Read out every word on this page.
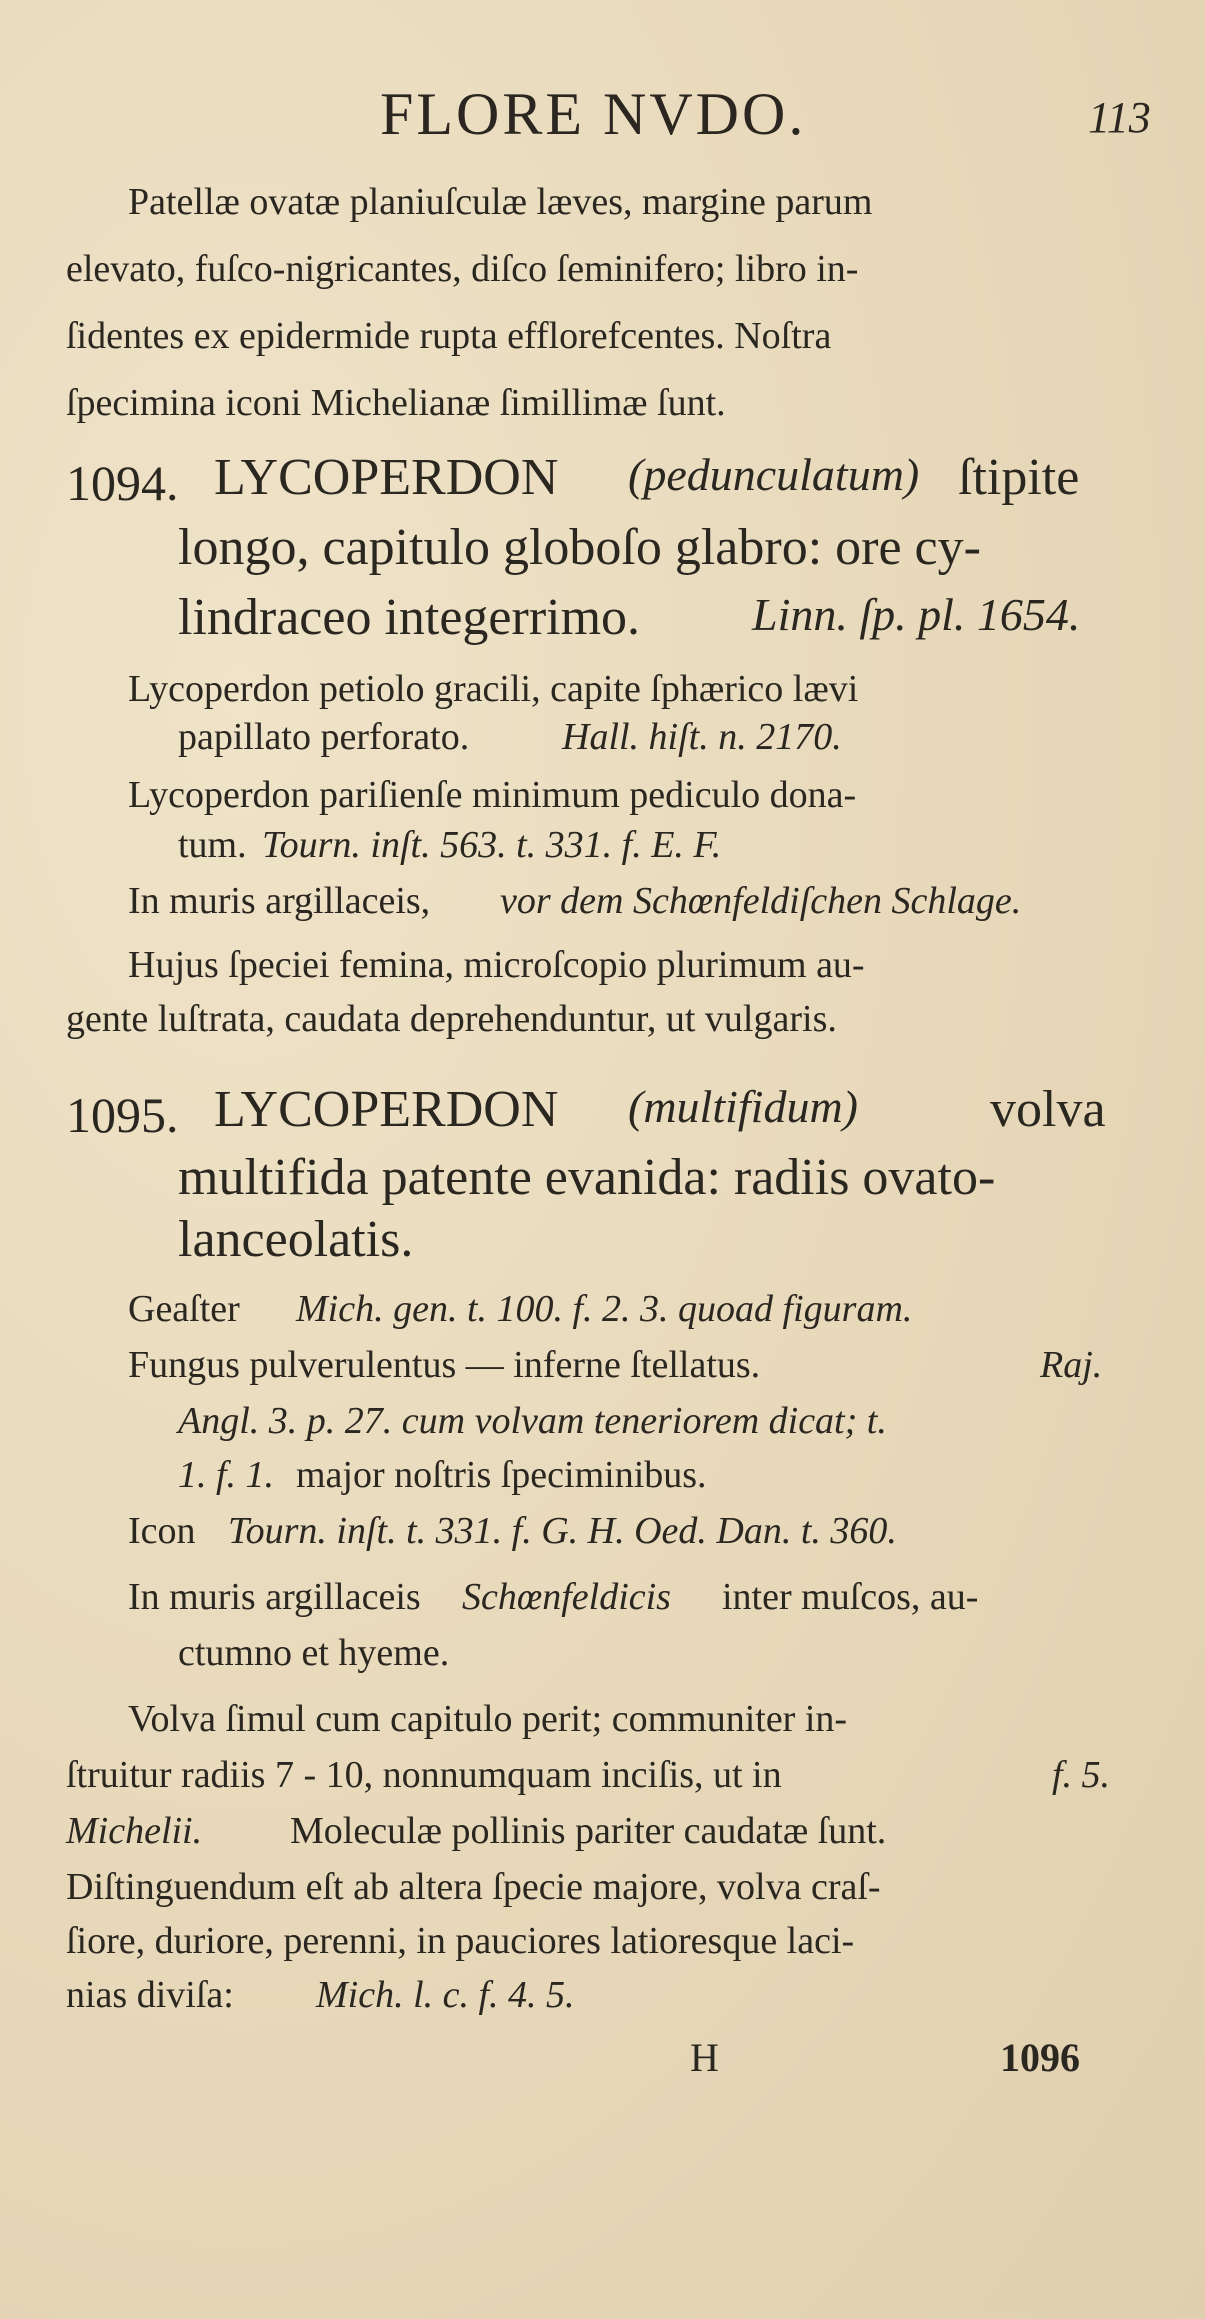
FLORE NVDO.	113
Patellæ ovatæ planiuſculæ læves, margine parum
elevato, fuſco-nigricantes, diſco ſeminifero; libro in-
ſidentes ex epidermide rupta efflorefcentes. Noſtra
ſpecimina iconi Michelianæ ſimillimæ ſunt.
1094. LYCOPERDON (pedunculatum) ſtipite
longo, capitulo globoſo glabro: ore cy-
lindraceo integerrimo. Linn. ſp. pl. 1654.
Lycoperdon petiolo gracili, capite ſphærico lævi
papillato perforato. Hall. hiſt. n. 2170.
Lycoperdon pariſienſe minimum pediculo dona-
tum. Tourn. inſt. 563. t. 331. f. E. F.
In muris argillaceis, vor dem Schœnfeldiſchen Schlage.
Hujus ſpeciei femina, microſcopio plurimum au-
gente luſtrata, caudata deprehenduntur, ut vulgaris.
1095. LYCOPERDON (multifidum)	volva
multifida patente evanida: radiis ovato-
lanceolatis.
Geaſter Mich. gen. t. 100. f. 2. 3. quoad figuram.
Fungus pulverulentus — inferne ſtellatus.	Raj.
Angl. 3. p. 27. cum volvam teneriorem dicat; t.
1. f. 1. major noſtris ſpeciminibus.
Icon Tourn. inſt. t. 331. f. G. H. Oed. Dan. t. 360.
In muris argillaceis Schœnfeldicis inter muſcos, au-
ctumno et hyeme.
Volva ſimul cum capitulo perit; communiter in-
ſtruitur radiis 7 - 10, nonnumquam inciſis, ut in	f. 5.
Michelii. Moleculæ pollinis pariter caudatæ ſunt.
Diſtinguendum eſt ab altera ſpecie majore, volva craſ-
ſiore, duriore, perenni, in pauciores latioresque laci-
nias diviſa: Mich. l. c. f. 4. 5.
H	1096
